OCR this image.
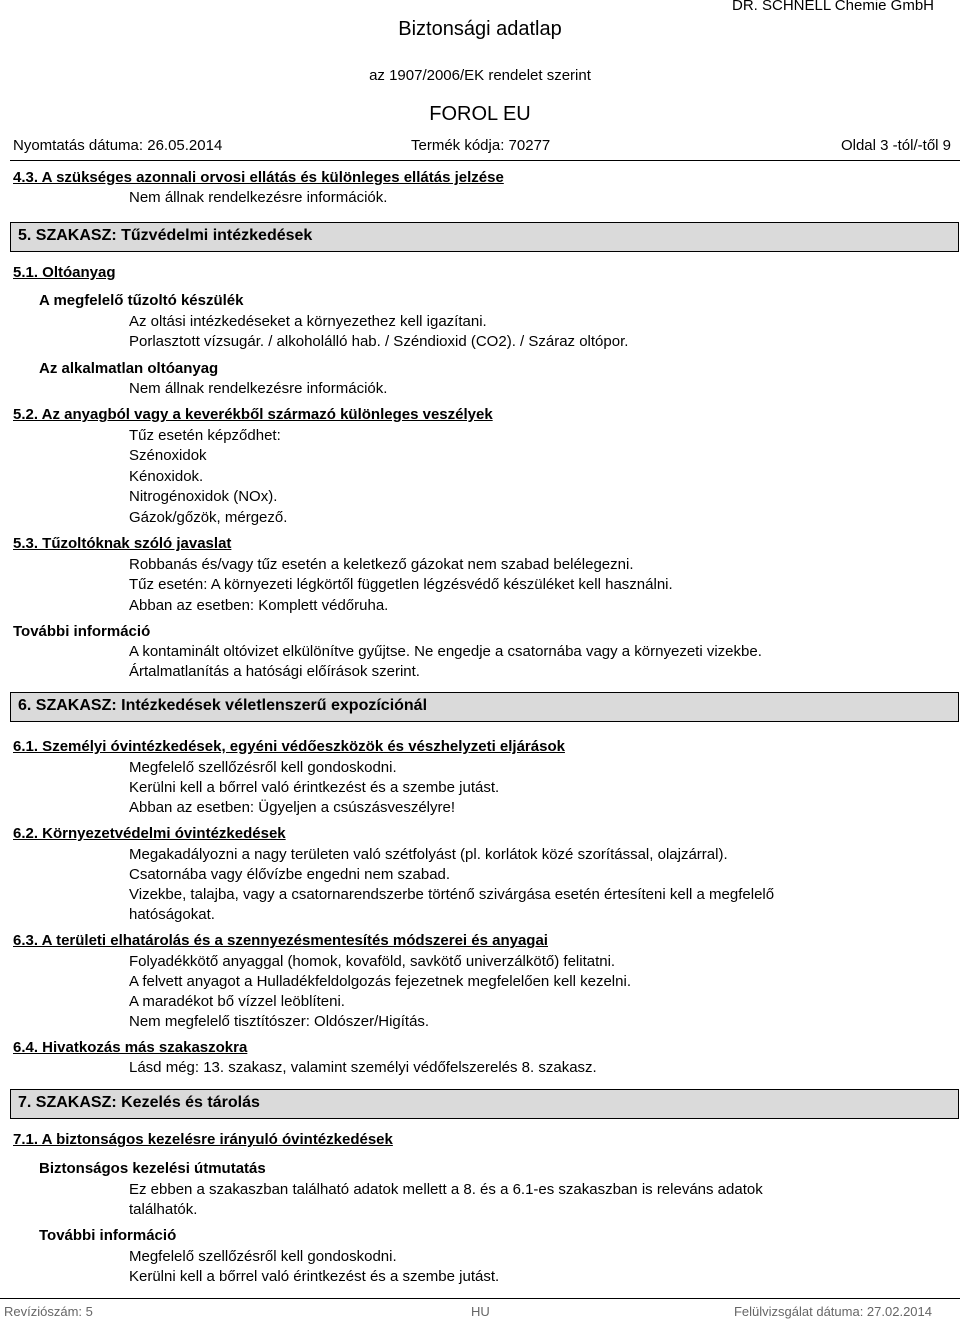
DR. SCHNELL Chemie GmbH
Biztonsági adatlap
az 1907/2006/EK rendelet szerint
FOROL EU
Nyomtatás dátuma: 26.05.2014	Termék kódja: 70277	Oldal 3 -tól/-től 9
4.3. A szükséges azonnali orvosi ellátás és különleges ellátás jelzése
Nem állnak rendelkezésre információk.
5. SZAKASZ: Tűzvédelmi intézkedések
5.1. Oltóanyag
A megfelelő tűzoltó készülék
Az oltási intézkedéseket a környezethez kell igazítani.
Porlasztott vízsugár. / alkoholálló hab. / Széndioxid (CO2). / Száraz oltópor.
Az alkalmatlan oltóanyag
Nem állnak rendelkezésre információk.
5.2. Az anyagból vagy a keverékből származó különleges veszélyek
Tűz esetén képződhet:
Szénoxidok
Kénoxidok.
Nitrogénoxidok (NOx).
Gázok/gőzök, mérgező.
5.3. Tűzoltóknak szóló javaslat
Robbanás és/vagy tűz esetén a keletkező gázokat nem szabad belélegezni.
Tűz esetén: A környezeti légkörtől független légzésvédő készüléket kell használni.
Abban az esetben: Komplett védőruha.
További információ
A kontaminált oltóvizet elkülönítve gyűjtse. Ne engedje a csatornába vagy a környezeti vizekbe.
Ártalmatlanítás a hatósági előírások szerint.
6. SZAKASZ: Intézkedések véletlenszerű expozíciónál
6.1. Személyi óvintézkedések, egyéni védőeszközök és vészhelyzeti eljárások
Megfelelő szellőzésről kell gondoskodni.
Kerülni kell a bőrrel való érintkezést és a szembe jutást.
Abban az esetben: Ügyeljen a csúszásveszélyre!
6.2. Környezetvédelmi óvintézkedések
Megakadályozni a nagy területen való szétfolyást (pl. korlátok közé szorítással, olajzárral).
Csatornába vagy élővízbe engedni nem szabad.
Vizekbe, talajba, vagy a csatornarendszerbe történő szivárgása esetén értesíteni kell a megfelelő
hatóságokat.
6.3. A területi elhatárolás és a szennyezésmentesítés módszerei és anyagai
Folyadékkötő anyaggal (homok, kovaföld, savkötő univerzálkötő) felitatni.
A felvett anyagot a Hulladékfeldolgozás fejezetnek megfelelően kell kezelni.
A maradékot bő vízzel leöblíteni.
Nem megfelelő tisztítószer: Oldószer/Higítás.
6.4. Hivatkozás más szakaszokra
Lásd még: 13. szakasz, valamint személyi védőfelszerelés 8. szakasz.
7. SZAKASZ: Kezelés és tárolás
7.1. A biztonságos kezelésre irányuló óvintézkedések
Biztonságos kezelési útmutatás
Ez ebben a szakaszban található adatok mellett a 8. és a 6.1-es szakaszban is releváns adatok
találhatók.
További információ
Megfelelő szellőzésről kell gondoskodni.
Kerülni kell a bőrrel való érintkezést és a szembe jutást.
Revíziószám: 5	HU	Felülvizsgálat dátuma: 27.02.2014
